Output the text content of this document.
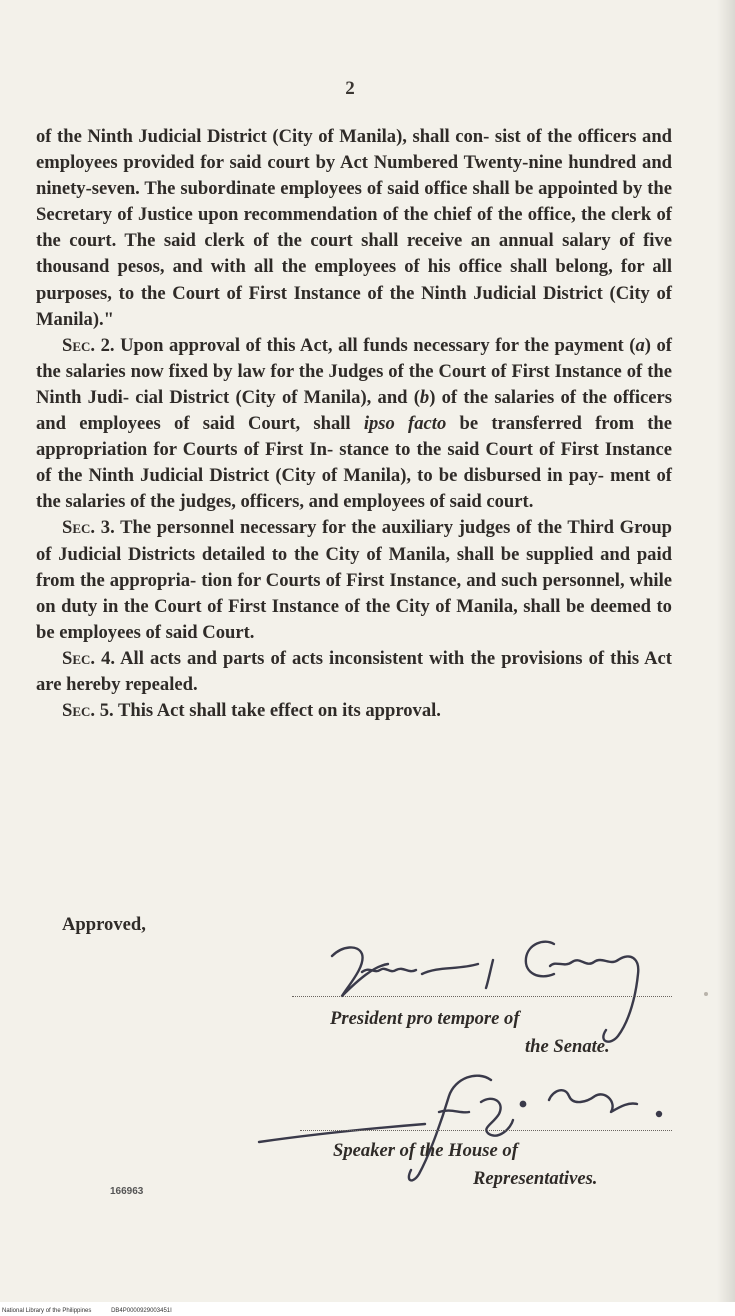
2

of the Ninth Judicial District (City of Manila), shall con- sist of the officers and employees provided for said court by Act Numbered Twenty-nine hundred and ninety-seven. The subordinate employees of said office shall be appointed by the Secretary of Justice upon recommendation of the chief of the office, the clerk of the court. The said clerk of the court shall receive an annual salary of five thousand pesos, and with all the employees of his office shall belong, for all purposes, to the Court of First Instance of the Ninth Judicial District (City of Manila)."

Sec. 2. Upon approval of this Act, all funds necessary for the payment (a) of the salaries now fixed by law for the Judges of the Court of First Instance of the Ninth Judi- cial District (City of Manila), and (b) of the salaries of the officers and employees of said Court, shall ipso facto be transferred from the appropriation for Courts of First In- stance to the said Court of First Instance of the Ninth Judicial District (City of Manila), to be disbursed in pay- ment of the salaries of the judges, officers, and employees of said court.

Sec. 3. The personnel necessary for the auxiliary judges of the Third Group of Judicial Districts detailed to the City of Manila, shall be supplied and paid from the appropria- tion for Courts of First Instance, and such personnel, while on duty in the Court of First Instance of the City of Manila, shall be deemed to be employees of said Court.

Sec. 4. All acts and parts of acts inconsistent with the provisions of this Act are hereby repealed.

Sec. 5. This Act shall take effect on its approval.

Approved,
President pro tempore of
the Senate.
Speaker of the House of
Representatives.
166963
National Library of the Philippines	DB4P0000929003451I
